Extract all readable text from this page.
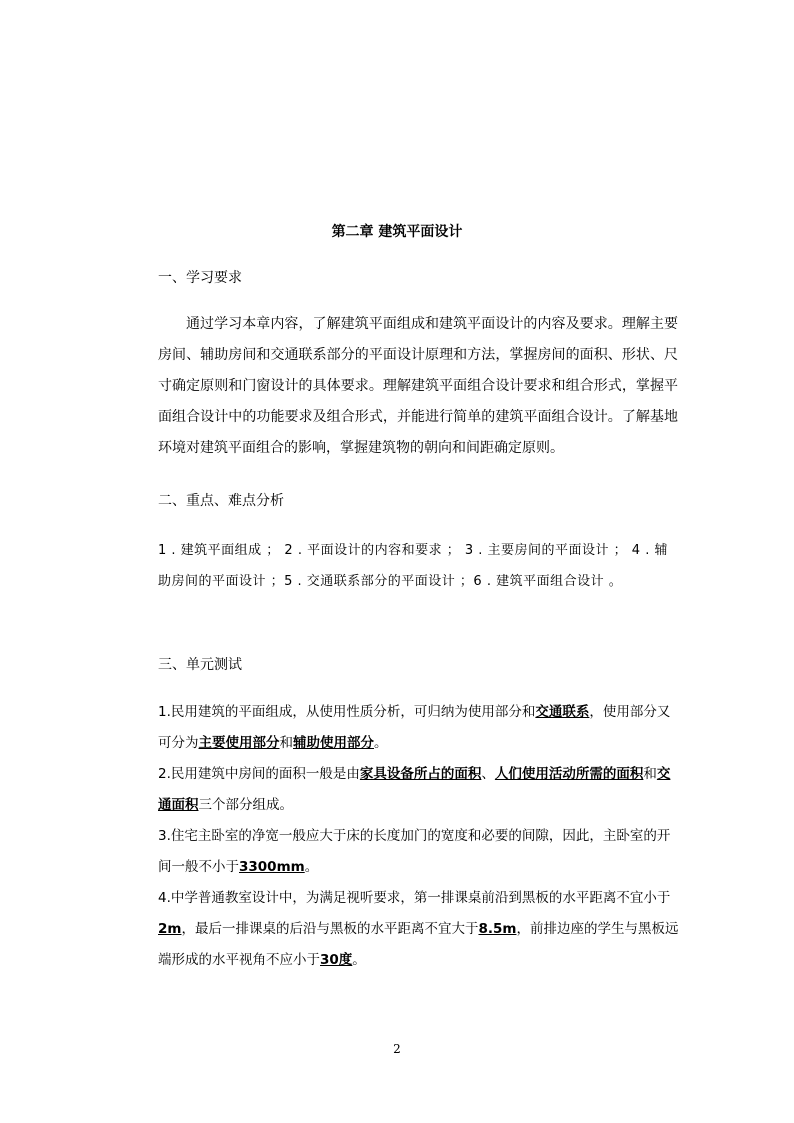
第二章 建筑平面设计
一、学习要求
通过学习本章内容，了解建筑平面组成和建筑平面设计的内容及要求。理解主要房间、辅助房间和交通联系部分的平面设计原理和方法，掌握房间的面积、形状、尺寸确定原则和门窗设计的具体要求。理解建筑平面组合设计要求和组合形式，掌握平面组合设计中的功能要求及组合形式，并能进行简单的建筑平面组合设计。了解基地环境对建筑平面组合的影响，掌握建筑物的朝向和间距确定原则。
二、重点、难点分析
1 . 建筑平面组成 ； 2 . 平面设计的内容和要求 ； 3 . 主要房间的平面设计 ； 4 . 辅助房间的平面设计 ；5 . 交通联系部分的平面设计 ；6 . 建筑平面组合设计 。
三、单元测试
1.民用建筑的平面组成，从使用性质分析，可归纳为使用部分和交通联系，使用部分又可分为主要使用部分和辅助使用部分。
2.民用建筑中房间的面积一般是由家具设备所占的面积、人们使用活动所需的面积和交通面积三个部分组成。
3.住宅主卧室的净宽一般应大于床的长度加门的宽度和必要的间隙，因此，主卧室的开间一般不小于3300mm。
4.中学普通教室设计中，为满足视听要求，第一排课桌前沿到黑板的水平距离不宜小于2m，最后一排课桌的后沿与黑板的水平距离不宜大于8.5m，前排边座的学生与黑板远端形成的水平视角不应小于30度。
2
